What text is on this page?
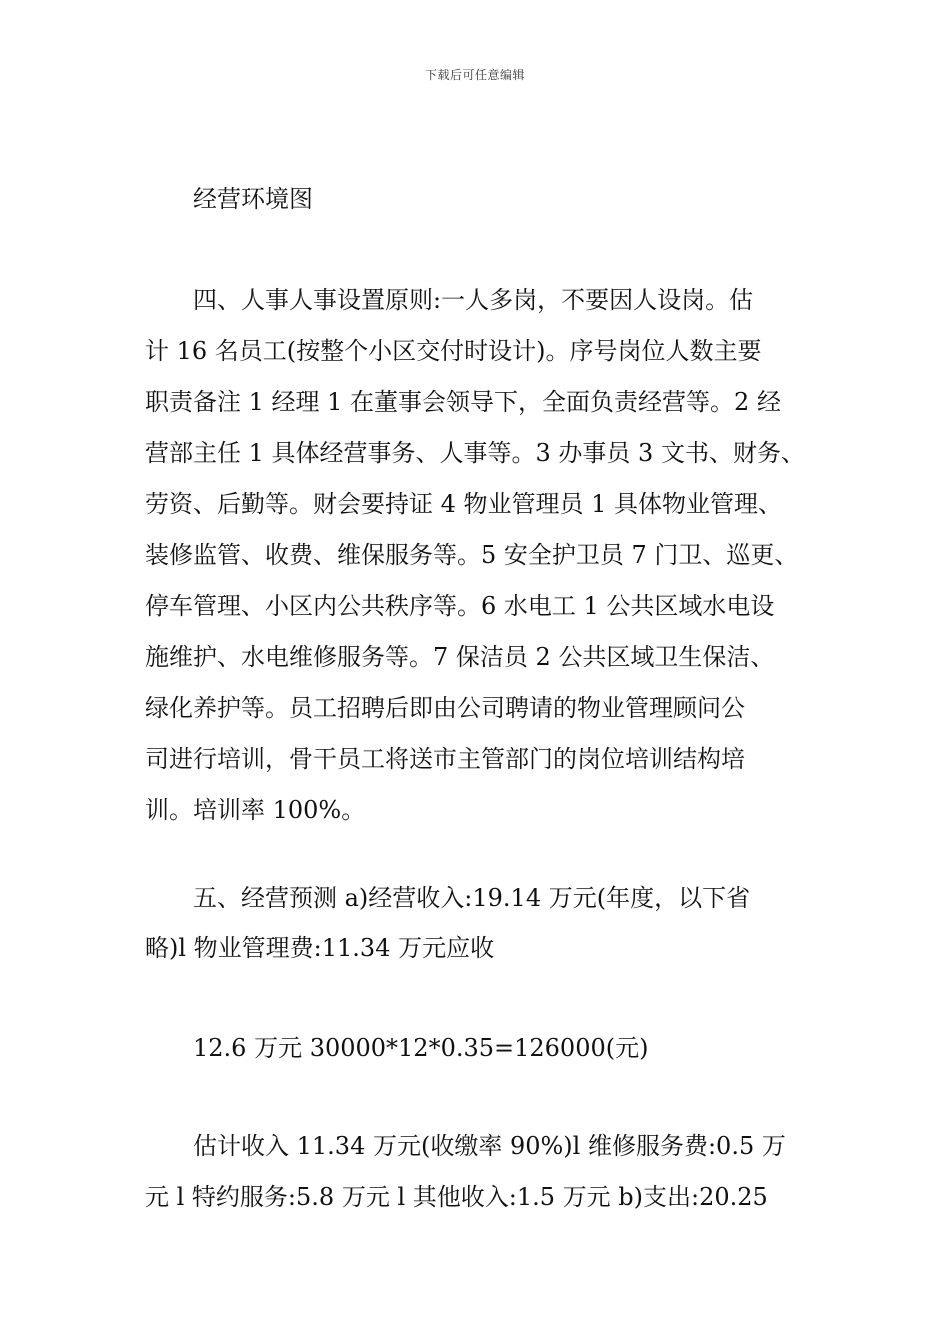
下载后可任意编辑
经营环境图
四、人事人事设置原则:一人多岗，不要因人设岗。估
计 16 名员工(按整个小区交付时设计)。序号岗位人数主要
职责备注 1 经理 1 在董事会领导下，全面负责经营等。2 经
营部主任 1 具体经营事务、人事等。3 办事员 3 文书、财务、
劳资、后勤等。财会要持证 4 物业管理员 1 具体物业管理、
装修监管、收费、维保服务等。5 安全护卫员 7 门卫、巡更、
停车管理、小区内公共秩序等。6 水电工 1 公共区域水电设
施维护、水电维修服务等。7 保洁员 2 公共区域卫生保洁、
绿化养护等。员工招聘后即由公司聘请的物业管理顾问公
司进行培训，骨干员工将送市主管部门的岗位培训结构培
训。培训率 100%。
五、经营预测 a)经营收入:19.14 万元(年度，以下省
略)l 物业管理费:11.34 万元应收
12.6 万元 30000*12*0.35=126000(元)
估计收入 11.34 万元(收缴率 90%)l 维修服务费:0.5 万
元 l 特约服务:5.8 万元 l 其他收入:1.5 万元 b)支出:20.25
